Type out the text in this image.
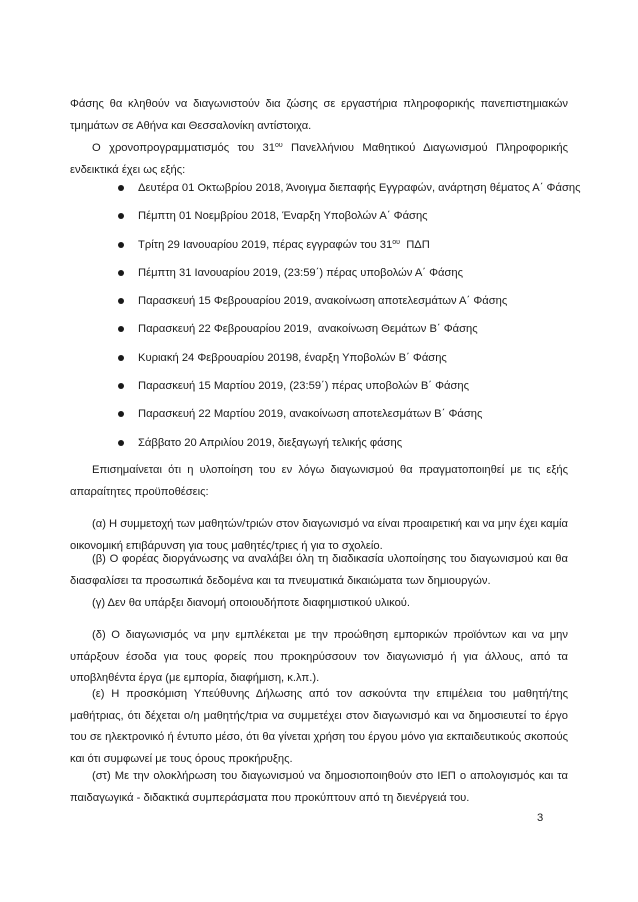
Φάσης θα κληθούν να διαγωνιστούν δια ζώσης σε εργαστήρια πληροφορικής πανεπιστημιακών τμημάτων σε Αθήνα και Θεσσαλονίκη αντίστοιχα.

Ο χρονοπρογραμματισμός του $31^{o\upsilon}$ Πανελλήνιου Μαθητικού Διαγωνισμού Πληροφορικής ενδεικτικά έχει ως εξής:

Δευτέρα 01 Οκτωβρίου 2018, Άνοιγμα διεπαφής Εγγραφών, ανάρτηση θέματος Α΄ Φάσης
Πέμπτη 01 Νοεμβρίου 2018, Έναρξη Υποβολών Α΄ Φάσης
Τρίτη 29 Ιανουαρίου 2019, πέρας εγγραφών του $31^{o\upsilon}$  ΠΔΠ
Πέμπτη 31 Ιανουαρίου 2019, (23:59΄) πέρας υποβολών Α΄ Φάσης
Παρασκευή 15 Φεβρουαρίου 2019, ανακοίνωση αποτελεσμάτων Α΄ Φάσης
Παρασκευή 22 Φεβρουαρίου 2019,  ανακοίνωση Θεμάτων Β΄ Φάσης
Κυριακή 24 Φεβρουαρίου 20198, έναρξη Υποβολών Β΄ Φάσης
Παρασκευή 15 Μαρτίου 2019, (23:59΄) πέρας υποβολών Β΄ Φάσης
Παρασκευή 22 Μαρτίου 2019, ανακοίνωση αποτελεσμάτων Β΄ Φάσης
Σάββατο 20 Απριλίου 2019, διεξαγωγή τελικής φάσης

Επισημαίνεται ότι η υλοποίηση του εν λόγω διαγωνισμού θα πραγματοποιηθεί με τις εξής απαραίτητες προϋποθέσεις:

(α) Η συμμετοχή των μαθητών/τριών στον διαγωνισμό να είναι προαιρετική και να μην έχει καμία οικονομική επιβάρυνση για τους μαθητές/τριες ή για το σχολείο.

(β) Ο φορέας διοργάνωσης να αναλάβει όλη τη διαδικασία υλοποίησης του διαγωνισμού και θα διασφαλίσει τα προσωπικά δεδομένα και τα πνευματικά δικαιώματα των δημιουργών.

(γ) Δεν θα υπάρξει διανομή οποιουδήποτε διαφημιστικού υλικού.

(δ) Ο διαγωνισμός να μην εμπλέκεται με την προώθηση εμπορικών προϊόντων και να μην υπάρξουν έσοδα για τους φορείς που προκηρύσσουν τον διαγωνισμό ή για άλλους, από τα υποβληθέντα έργα (με εμπορία, διαφήμιση, κ.λπ.).

(ε) Η προσκόμιση Υπεύθυνης Δήλωσης από τον ασκούντα την επιμέλεια του μαθητή/της μαθήτριας, ότι δέχεται ο/η μαθητής/τρια να συμμετέχει στον διαγωνισμό και να δημοσιευτεί το έργο του σε ηλεκτρονικό ή έντυπο μέσο, ότι θα γίνεται χρήση του έργου μόνο για εκπαιδευτικούς σκοπούς και ότι συμφωνεί με τους όρους προκήρυξης.

(στ) Με την ολοκλήρωση του διαγωνισμού να δημοσιοποιηθούν στο ΙΕΠ ο απολογισμός και τα παιδαγωγικά - διδακτικά συμπεράσματα που προκύπτουν από τη διενέργειά του.

3
